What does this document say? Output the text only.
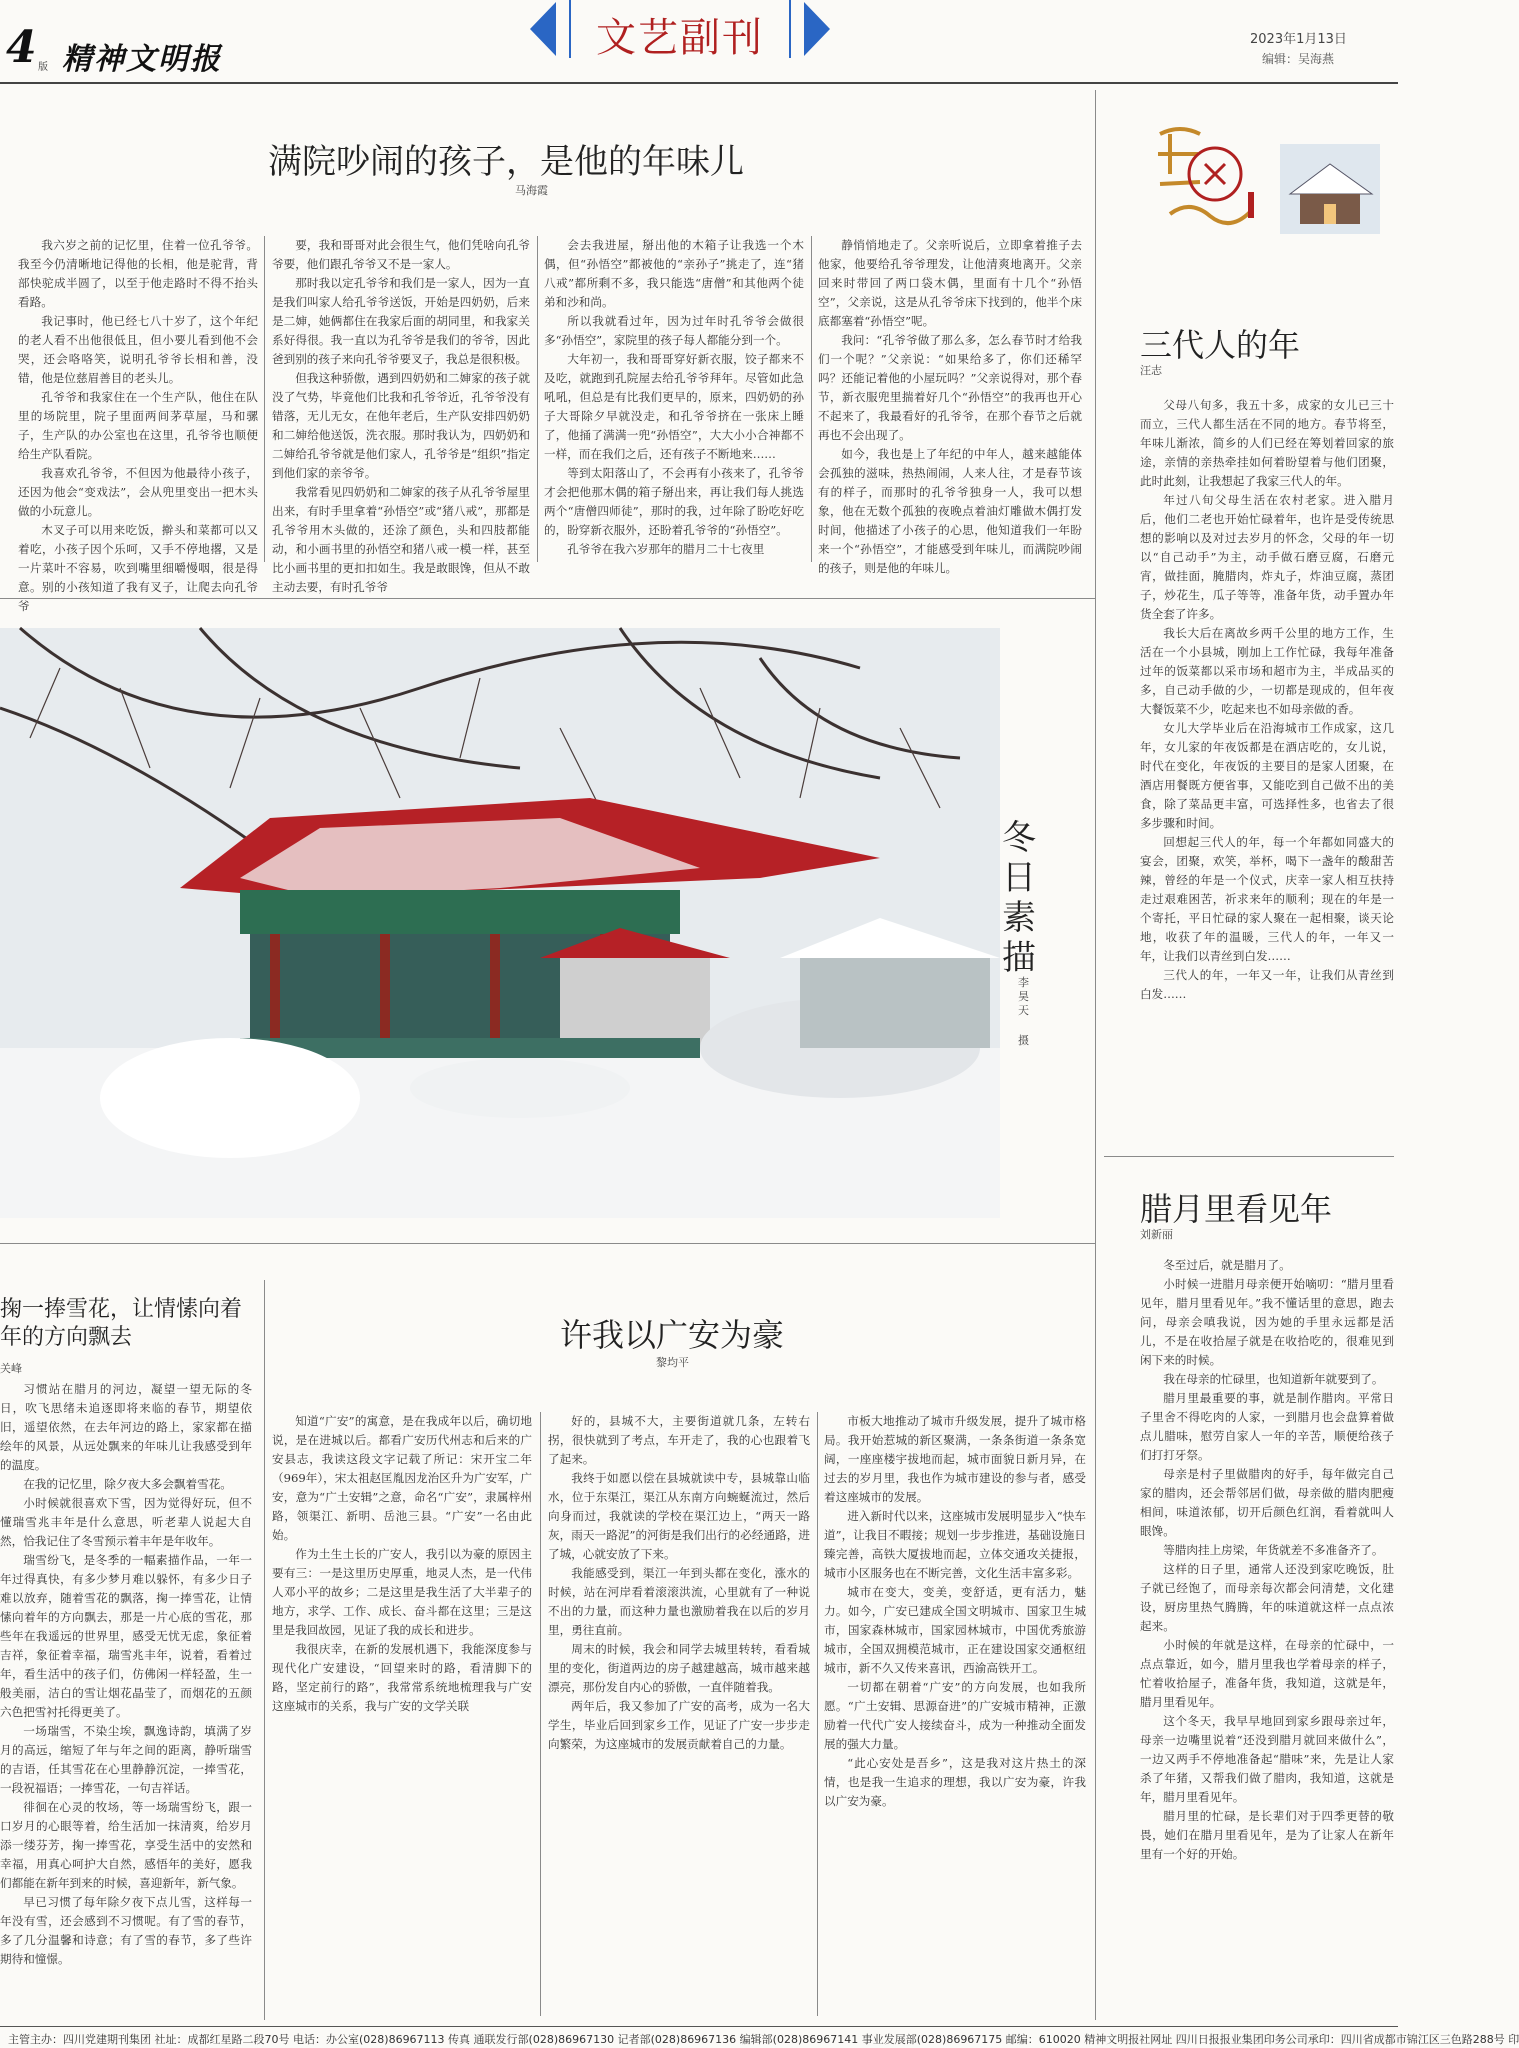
4 版 精神文明报	文艺副刊	2023年1月13日
编辑：吴海燕
满院吵闹的孩子，是他的年味儿
马海霞

我六岁之前的记忆里，住着一位孔爷爷。我至今仍清晰地记得他的长相，他是驼背，背部快驼成半圆了，以至于他走路时不得不抬头看路。

我记事时，他已经七八十岁了，这个年纪的老人看不出他很低且，但小要儿看到他不会哭，还会咯咯笑，说明孔爷爷长相和善，没错，他是位慈眉善目的老头儿。

孔爷爷和我家住在一个生产队，他住在队里的场院里，院子里面两间茅草屋，马和骡子，生产队的办公室也在这里，孔爷爷也顺便给生产队看院。

我喜欢孔爷爷，不但因为他最待小孩子，还因为他会“变戏法”，会从兜里变出一把木头做的小玩意儿。

木叉子可以用来吃饭，擀头和菜都可以又着吃，小孩子因个乐呵，又手不停地撂，又是一片菜叶不容易，吹到嘴里细嚼慢咽，很是得意。别的小孩知道了我有叉子，让爬去向孔爷爷

要，我和哥哥对此会很生气，他们凭啥向孔爷爷要，他们跟孔爷爷又不是一家人。

那时我以定孔爷爷和我们是一家人，因为一直是我们叫家人给孔爷爷送饭，开始是四奶奶，后来是二婶，她俩都住在我家后面的胡同里，和我家关系好得很。我一直以为孔爷爷是我们的爷爷，因此爸到别的孩子来向孔爷爷要叉子，我总是很积极。

但我这种骄傲，遇到四奶奶和二婶家的孩子就没了气势，毕竟他们比我和孔爷爷近，孔爷爷没有错落，无儿无女，在他年老后，生产队安排四奶奶和二婶给他送饭，洗衣服。那时我认为，四奶奶和二婶给孔爷爷就是他们家人，孔爷爷是“组织”指定到他们家的亲爷爷。

我常看见四奶奶和二婶家的孩子从孔爷爷屋里出来，有时手里拿着“孙悟空”或“猪八戒”，那都是孔爷爷用木头做的，还涂了颜色，头和四肢都能动，和小画书里的孙悟空和猪八戒一模一样，甚至比小画书里的更扣扣如生。我是敢眼馋，但从不敢主动去要，有时孔爷爷

会去我进屋，掰出他的木箱子让我选一个木偶，但“孙悟空”都被他的“亲孙子”挑走了，连“猪八戒”都所剩不多，我只能选“唐僧”和其他两个徒弟和沙和尚。

所以我就看过年，因为过年时孔爷爷会做很多“孙悟空”，家院里的孩子每人都能分到一个。

大年初一，我和哥哥穿好新衣服，饺子都来不及吃，就跑到孔院屋去给孔爷爷拜年。尽管如此急吼吼，但总是有比我们更早的，原来，四奶奶的孙子大哥除夕早就没走，和孔爷爷挤在一张床上睡了，他捅了满满一兜“孙悟空”，大大小小合神都不一样，而在我们之后，还有孩子不断地来……

等到太阳落山了，不会再有小孩来了，孔爷爷才会把他那木偶的箱子掰出来，再让我们每人挑选两个“唐僧四师徒”，那时的我，过年除了盼吃好吃的，盼穿新衣服外，还盼着孔爷爷的“孙悟空”。

孔爷爷在我六岁那年的腊月二十七夜里

静悄悄地走了。父亲听说后，立即拿着推子去他家，他要给孔爷爷理发，让他清爽地离开。父亲回来时带回了两口袋木偶，里面有十几个“孙悟空”，父亲说，这是从孔爷爷床下找到的，他半个床底都塞着“孙悟空”呢。

我问：“孔爷爷做了那么多，怎么春节时才给我们一个呢？”父亲说：“如果给多了，你们还稀罕吗？还能记着他的小屋玩吗？”父亲说得对，那个春节，新衣服兜里揣着好几个“孙悟空”的我再也开心不起来了，我最看好的孔爷爷，在那个春节之后就再也不会出现了。

如今，我也是上了年纪的中年人，越来越能体会孤独的滋味，热热闹闹，人来人往，才是春节该有的样子，而那时的孔爷爷独身一人，我可以想象，他在无数个孤独的夜晚点着油灯雕做木偶打发时间，他描述了小孩子的心思，他知道我们一年盼来一个“孙悟空”，才能感受到年味儿，而满院吵闹的孩子，则是他的年味儿。

冬日素描
李昊天
摄
掬一捧雪花，让情愫向着年的方向飘去
关峰

习惯站在腊月的河边，凝望一望无际的冬日，吹飞思绪未追逐即将来临的春节，期望依旧，遥望依然，在去年河边的路上，家家都在描绘年的风景，从远处飘来的年味儿让我感受到年的温度。

在我的记忆里，除夕夜大多会飘着雪花。

小时候就很喜欢下雪，因为觉得好玩，但不懂瑞雪兆丰年是什么意思，听老辈人说起大自然，恰我记住了冬雪预示着丰年是年收年。

瑞雪纷飞，是冬季的一幅素描作品，一年一年过得真快，有多少梦月难以躲怀，有多少日子难以放弃，随着雪花的飘落，掬一捧雪花，让情愫向着年的方向飘去，那是一片心底的雪花，那些年在我遥远的世界里，感受无忧无虑，象征着吉祥，象征着幸福，瑞雪兆丰年，说着，看着过年，看生活中的孩子们，仿佛闲一样轻盈，生一般美丽，洁白的雪让烟花晶莹了，而烟花的五颜六色把雪衬托得更美了。

一场瑞雪，不染尘埃，飘逸诗韵，填满了岁月的高远，缩短了年与年之间的距离，静听瑞雪的吉语，任其雪花在心里静静沉淀，一捧雪花，一段祝福语；一捧雪花，一句吉祥话。

徘徊在心灵的牧场，等一场瑞雪纷飞，跟一口岁月的心眼等着，给生活加一抹清爽，给岁月添一缕芬芳，掬一捧雪花，享受生活中的安然和幸福，用真心呵护大自然，感悟年的美好，愿我们都能在新年到来的时候，喜迎新年，新气象。

早已习惯了每年除夕夜下点儿雪，这样每一年没有雪，还会感到不习惯呢。有了雪的春节，多了几分温馨和诗意；有了雪的春节，多了些许期待和憧憬。

许我以广安为豪
黎均平

知道“广安”的寓意，是在我成年以后，确切地说，是在进城以后。都看广安历代州志和后来的广安县志，我读这段文字记载了所记：宋开宝二年（969年），宋太祖赵匡胤因龙治区升为广安军，广安，意为“广土安辑”之意，命名“广安”，隶属梓州路，领渠江、新明、岳池三县。“广安”一名由此始。

作为土生土长的广安人，我引以为豪的原因主要有三：一是这里历史厚重，地灵人杰，是一代伟人邓小平的故乡；二是这里是我生活了大半辈子的地方，求学、工作、成长、奋斗都在这里；三是这里是我回故园，见证了我的成长和进步。

我很庆幸，在新的发展机遇下，我能深度参与现代化广安建设，“回望来时的路，看清脚下的路，坚定前行的路”，我常常系统地梳理我与广安这座城市的关系，我与广安的文学关联

好的，县城不大，主要街道就几条，左转右拐，很快就到了考点，车开走了，我的心也跟着飞了起来。

我终于如愿以偿在县城就读中专，县城靠山临水，位于东渠江，渠江从东南方向蜿蜒流过，然后向身而过，我就读的学校在渠江边上，“两天一路灰，雨天一路泥”的河街是我们出行的必经通路，进了城，心就安放了下来。

我能感受到，渠江一年到头都在变化，涨水的时候，站在河岸看着滚滚洪流，心里就有了一种说不出的力量，而这种力量也激励着我在以后的岁月里，勇往直前。

周末的时候，我会和同学去城里转转，看看城里的变化，街道两边的房子越建越高，城市越来越漂亮，那份发自内心的骄傲，一直伴随着我。

两年后，我又参加了广安的高考，成为一名大学生，毕业后回到家乡工作，见证了广安一步步走向繁荣，为这座城市的发展贡献着自己的力量。

市板大地推动了城市升级发展，提升了城市格局。我开始惹城的新区聚满，一条条街道一条条宽阔，一座座楼宇拔地而起，城市面貌日新月异，在过去的岁月里，我也作为城市建设的参与者，感受着这座城市的发展。

进入新时代以来，这座城市发展明显步入“快车道”，让我目不暇接；规划一步步推进，基础设施日臻完善，高铁大厦拔地而起，立体交通攻关捷报，城市小区服务也在不断完善，文化生活丰富多彩。

城市在变大，变美，变舒适，更有活力，魅力。如今，广安已建成全国文明城市、国家卫生城市，国家森林城市，国家园林城市，中国优秀旅游城市，全国双拥模范城市，正在建设国家交通枢纽城市，新不久又传来喜讯，西渝高铁开工。

一切都在朝着“广安”的方向发展，也如我所愿。“广土安辑、思源奋进”的广安城市精神，正激励着一代代广安人接续奋斗，成为一种推动全面发展的强大力量。

“此心安处是吾乡”，这是我对这片热土的深情，也是我一生追求的理想，我以广安为豪，许我以广安为豪。

三代人的年
汪志

父母八旬多，我五十多，成家的女儿已三十而立，三代人都生活在不同的地方。春节将至，年味儿渐浓，简乡的人们已经在筹划着回家的旅途，亲情的亲热牵挂如何着盼望着与他们团聚，此时此刻，让我想起了我家三代人的年。

年过八旬父母生活在农村老家。进入腊月后，他们二老也开始忙碌着年，也许是受传统思想的影响以及对过去岁月的怀念，父母的年一切以“自己动手”为主，动手做石磨豆腐，石磨元宵，做挂面，腌腊肉，炸丸子，炸油豆腐，蒸团子，炒花生，瓜子等等，准备年货，动手置办年货全套了许多。

我长大后在离故乡两千公里的地方工作，生活在一个小县城，刚加上工作忙碌，我每年准备过年的饭菜都以采市场和超市为主，半成品买的多，自己动手做的少，一切都是现成的，但年夜大餐饭菜不少，吃起来也不如母亲做的香。

女儿大学毕业后在沿海城市工作成家，这几年，女儿家的年夜饭都是在酒店吃的，女儿说，时代在变化，年夜饭的主要目的是家人团聚，在酒店用餐既方便省事，又能吃到自己做不出的美食，除了菜品更丰富，可选择性多，也省去了很多步骤和时间。

回想起三代人的年，每一个年都如同盛大的宴会，团聚，欢笑，举杯，喝下一盏年的酸甜苦辣，曾经的年是一个仪式，庆幸一家人相互扶持走过艰难困苦，祈求来年的顺利；现在的年是一个寄托，平日忙碌的家人聚在一起相聚，谈天论地，收获了年的温暖，三代人的年，一年又一年，让我们以青丝到白发……

三代人的年，一年又一年，让我们从青丝到白发……

腊月里看见年
刘新丽

冬至过后，就是腊月了。

小时候一进腊月母亲便开始嘀叨：“腊月里看见年，腊月里看见年。”我不懂话里的意思，跑去问，母亲会嗔我说，因为她的手里永远都是活儿，不是在收拾屋子就是在收拾吃的，很难见到闲下来的时候。

我在母亲的忙碌里，也知道新年就要到了。

腊月里最重要的事，就是制作腊肉。平常日子里舍不得吃肉的人家，一到腊月也会盘算着做点儿腊味，慰劳自家人一年的辛苦，顺便给孩子们打打牙祭。

母亲是村子里做腊肉的好手，每年做完自己家的腊肉，还会帮邻居们做，母亲做的腊肉肥瘦相间，味道浓郁，切开后颜色红润，看着就叫人眼馋。

等腊肉挂上房梁，年货就差不多准备齐了。

这样的日子里，通常人还没到家吃晚饭，肚子就已经饱了，而母亲每次都会问清楚，文化建设，厨房里热气腾腾，年的味道就这样一点点浓起来。

小时候的年就是这样，在母亲的忙碌中，一点点靠近，如今，腊月里我也学着母亲的样子，忙着收拾屋子，准备年货，我知道，这就是年，腊月里看见年。

这个冬天，我早早地回到家乡跟母亲过年，母亲一边嘴里说着“还没到腊月就回来做什么”，一边又两手不停地准备起“腊味”来，先是让人家杀了年猪，又帮我们做了腊肉，我知道，这就是年，腊月里看见年。

腊月里的忙碌，是长辈们对于四季更替的敬畏，她们在腊月里看见年，是为了让家人在新年里有一个好的开始。

主管主办：四川党建期刊集团 社址：成都红星路二段70号 电话：办公室(028)86967113 传真 通联发行部(028)86967130 记者部(028)86967136 编辑部(028)86967141 事业发展部(028)86967175 邮编：610020 精神文明报社网址 四川日报报业集团印务公司承印：四川省成都市锦江区三色路288号 印
